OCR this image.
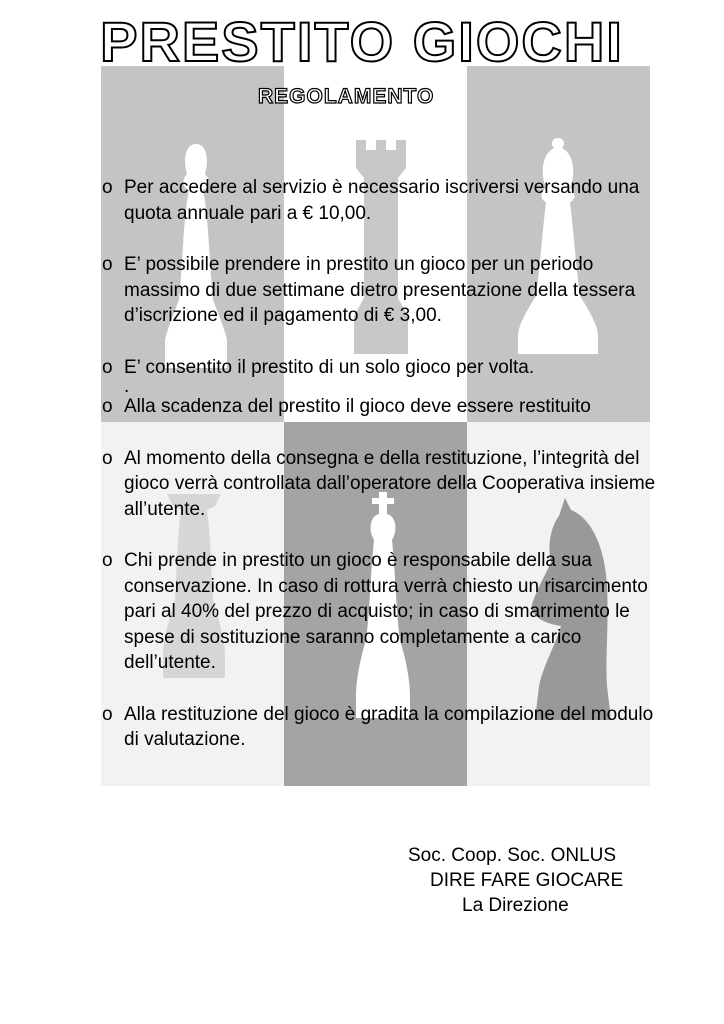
PRESTITO GIOCHI
REGOLAMENTO
o Per accedere al servizio è necessario iscriversi versando una quota annuale pari a € 10,00.
o E’ possibile prendere in prestito un gioco per un periodo massimo di due settimane dietro presentazione della tessera d’iscrizione ed il pagamento di € 3,00.
o E’ consentito il prestito di un solo gioco per volta.
.
o Alla scadenza del prestito il gioco deve essere restituito
o Al momento della consegna e della restituzione, l’integrità del gioco verrà controllata dall’operatore della Cooperativa insieme all’utente.
o Chi prende in prestito un gioco è responsabile della sua conservazione. In caso di rottura verrà chiesto un risarcimento pari al 40% del prezzo di acquisto; in caso di smarrimento le spese di sostituzione saranno completamente a carico dell’utente.
o Alla restituzione del gioco è gradita la compilazione del modulo di valutazione.

Soc. Coop. Soc. ONLUS

DIRE FARE GIOCARE

La Direzione
